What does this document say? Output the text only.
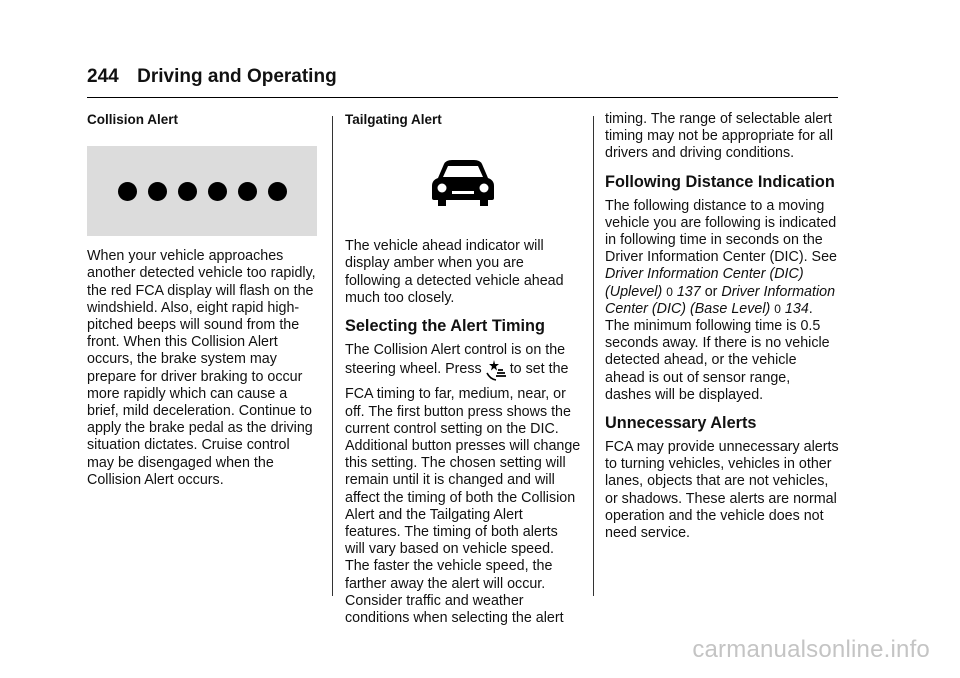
244 Driving and Operating

Collision Alert

When your vehicle approaches another detected vehicle too rapidly, the red FCA display will flash on the windshield. Also, eight rapid high-pitched beeps will sound from the front. When this Collision Alert occurs, the brake system may prepare for driver braking to occur more rapidly which can cause a brief, mild deceleration. Continue to apply the brake pedal as the driving situation dictates. Cruise control may be disengaged when the Collision Alert occurs.

Tailgating Alert

The vehicle ahead indicator will display amber when you are following a detected vehicle ahead much too closely.

Selecting the Alert Timing

The Collision Alert control is on the steering wheel. Press to set the FCA timing to far, medium, near, or off. The first button press shows the current control setting on the DIC. Additional button presses will change this setting. The chosen setting will remain until it is changed and will affect the timing of both the Collision Alert and the Tailgating Alert features. The timing of both alerts will vary based on vehicle speed. The faster the vehicle speed, the farther away the alert will occur. Consider traffic and weather conditions when selecting the alert

timing. The range of selectable alert timing may not be appropriate for all drivers and driving conditions.

Following Distance Indication

The following distance to a moving vehicle you are following is indicated in following time in seconds on the Driver Information Center (DIC). See Driver Information Center (DIC) (Uplevel) 0 137 or Driver Information Center (DIC) (Base Level) 0 134. The minimum following time is 0.5 seconds away. If there is no vehicle detected ahead, or the vehicle ahead is out of sensor range, dashes will be displayed.

Unnecessary Alerts

FCA may provide unnecessary alerts to turning vehicles, vehicles in other lanes, objects that are not vehicles, or shadows. These alerts are normal operation and the vehicle does not need service.

carmanualsonline.info
